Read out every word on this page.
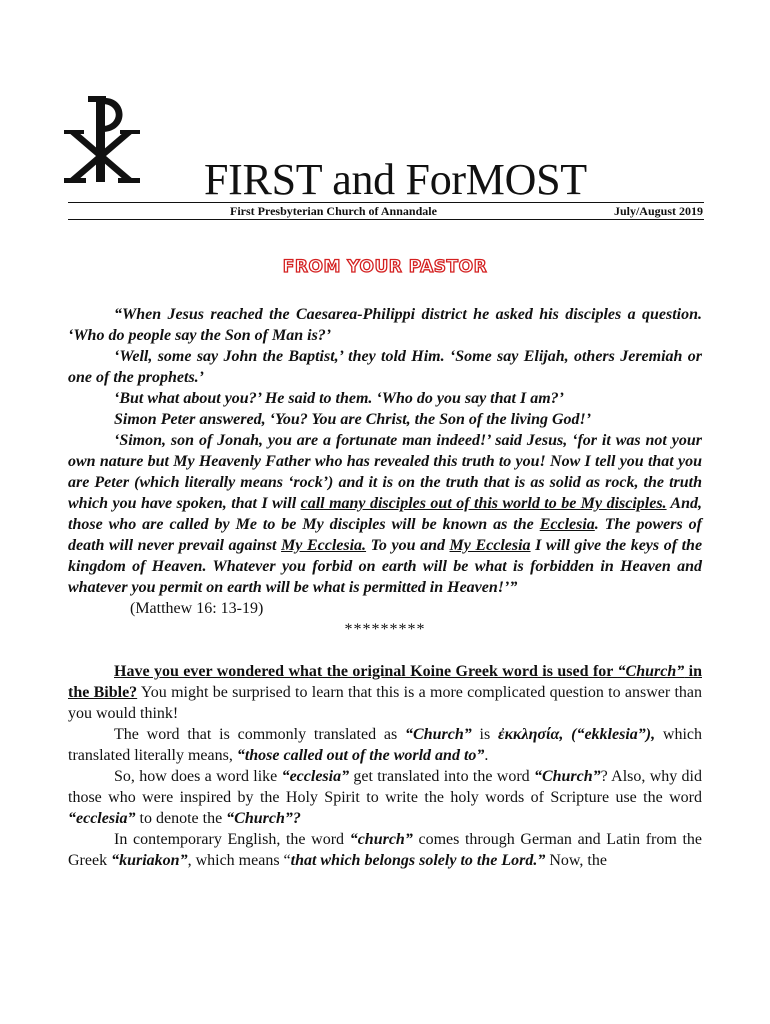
FIRST and ForMOST
First Presbyterian Church of Annandale	July/August 2019
FROM YOUR PASTOR

“When Jesus reached the Caesarea-Philippi district he asked his disciples a question. ‘Who do people say the Son of Man is?’

‘Well, some say John the Baptist,’ they told Him. ‘Some say Elijah, others Jeremiah or one of the prophets.’

‘But what about you?’ He said to them. ‘Who do you say that I am?’

Simon Peter answered, ‘You? You are Christ, the Son of the living God!’

‘Simon, son of Jonah, you are a fortunate man indeed!’ said Jesus, ‘for it was not your own nature but My Heavenly Father who has revealed this truth to you! Now I tell you that you are Peter (which literally means ‘rock’) and it is on the truth that is as solid as rock, the truth which you have spoken, that I will call many disciples out of this world to be My disciples. And, those who are called by Me to be My disciples will be known as the Ecclesia. The powers of death will never prevail against My Ecclesia. To you and My Ecclesia I will give the keys of the kingdom of Heaven. Whatever you forbid on earth will be what is forbidden in Heaven and whatever you permit on earth will be what is permitted in Heaven!’”

(Matthew 16: 13-19)

*********

Have you ever wondered what the original Koine Greek word is used for “Church” in the Bible? You might be surprised to learn that this is a more complicated question to answer than you would think!

The word that is commonly translated as “Church” is ἐκκλησία, (“ekklesia”), which translated literally means, “those called out of the world and to”.

So, how does a word like “ecclesia” get translated into the word “Church”? Also, why did those who were inspired by the Holy Spirit to write the holy words of Scripture use the word “ecclesia” to denote the “Church”?

In contemporary English, the word “church” comes through German and Latin from the Greek “kuriakon”, which means “that which belongs solely to the Lord.” Now, the
